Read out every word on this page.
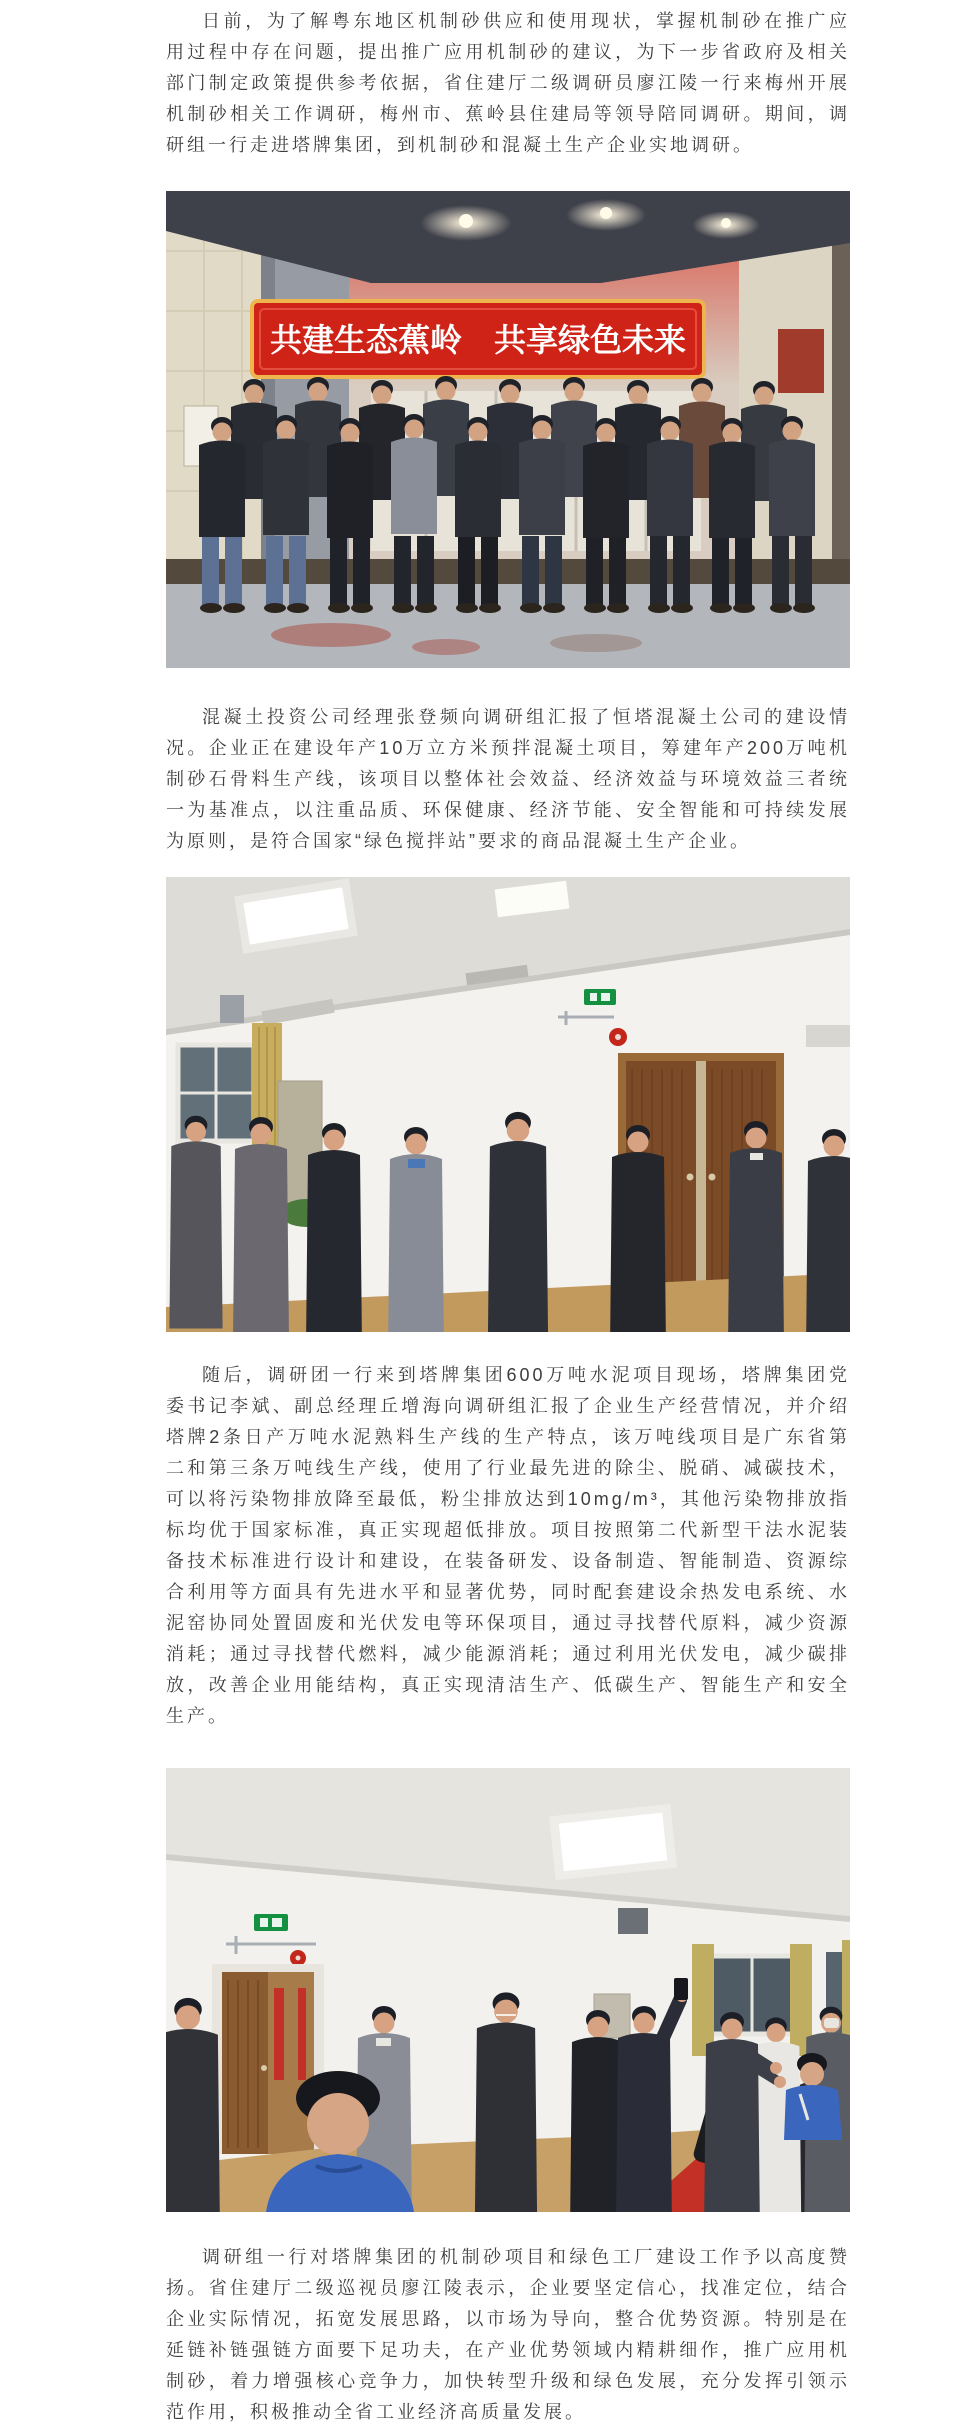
日前，为了解粤东地区机制砂供应和使用现状，掌握机制砂在推广应用过程中存在问题，提出推广应用机制砂的建议，为下一步省政府及相关部门制定政策提供参考依据，省住建厅二级调研员廖江陵一行来梅州开展机制砂相关工作调研，梅州市、蕉岭县住建局等领导陪同调研。期间，调研组一行走进塔牌集团，到机制砂和混凝土生产企业实地调研。

共建生态蕉岭　共享绿色未来

混凝土投资公司经理张登频向调研组汇报了恒塔混凝土公司的建设情况。企业正在建设年产10万立方米预拌混凝土项目，筹建年产200万吨机制砂石骨料生产线，该项目以整体社会效益、经济效益与环境效益三者统一为基准点，以注重品质、环保健康、经济节能、安全智能和可持续发展为原则，是符合国家“绿色搅拌站”要求的商品混凝土生产企业。

随后，调研团一行来到塔牌集团600万吨水泥项目现场，塔牌集团党委书记李斌、副总经理丘增海向调研组汇报了企业生产经营情况，并介绍塔牌2条日产万吨水泥熟料生产线的生产特点，该万吨线项目是广东省第二和第三条万吨线生产线，使用了行业最先进的除尘、脱硝、减碳技术，可以将污染物排放降至最低，粉尘排放达到10mg/m³，其他污染物排放指标均优于国家标准，真正实现超低排放。项目按照第二代新型干法水泥装备技术标准进行设计和建设，在装备研发、设备制造、智能制造、资源综合利用等方面具有先进水平和显著优势，同时配套建设余热发电系统、水泥窑协同处置固废和光伏发电等环保项目，通过寻找替代原料，减少资源消耗；通过寻找替代燃料，减少能源消耗；通过利用光伏发电，减少碳排放，改善企业用能结构，真正实现清洁生产、低碳生产、智能生产和安全生产。

调研组一行对塔牌集团的机制砂项目和绿色工厂建设工作予以高度赞扬。省住建厅二级巡视员廖江陵表示，企业要坚定信心，找准定位，结合企业实际情况，拓宽发展思路，以市场为导向，整合优势资源。特别是在延链补链强链方面要下足功夫，在产业优势领域内精耕细作，推广应用机制砂，着力增强核心竞争力，加快转型升级和绿色发展，充分发挥引领示范作用，积极推动全省工业经济高质量发展。
